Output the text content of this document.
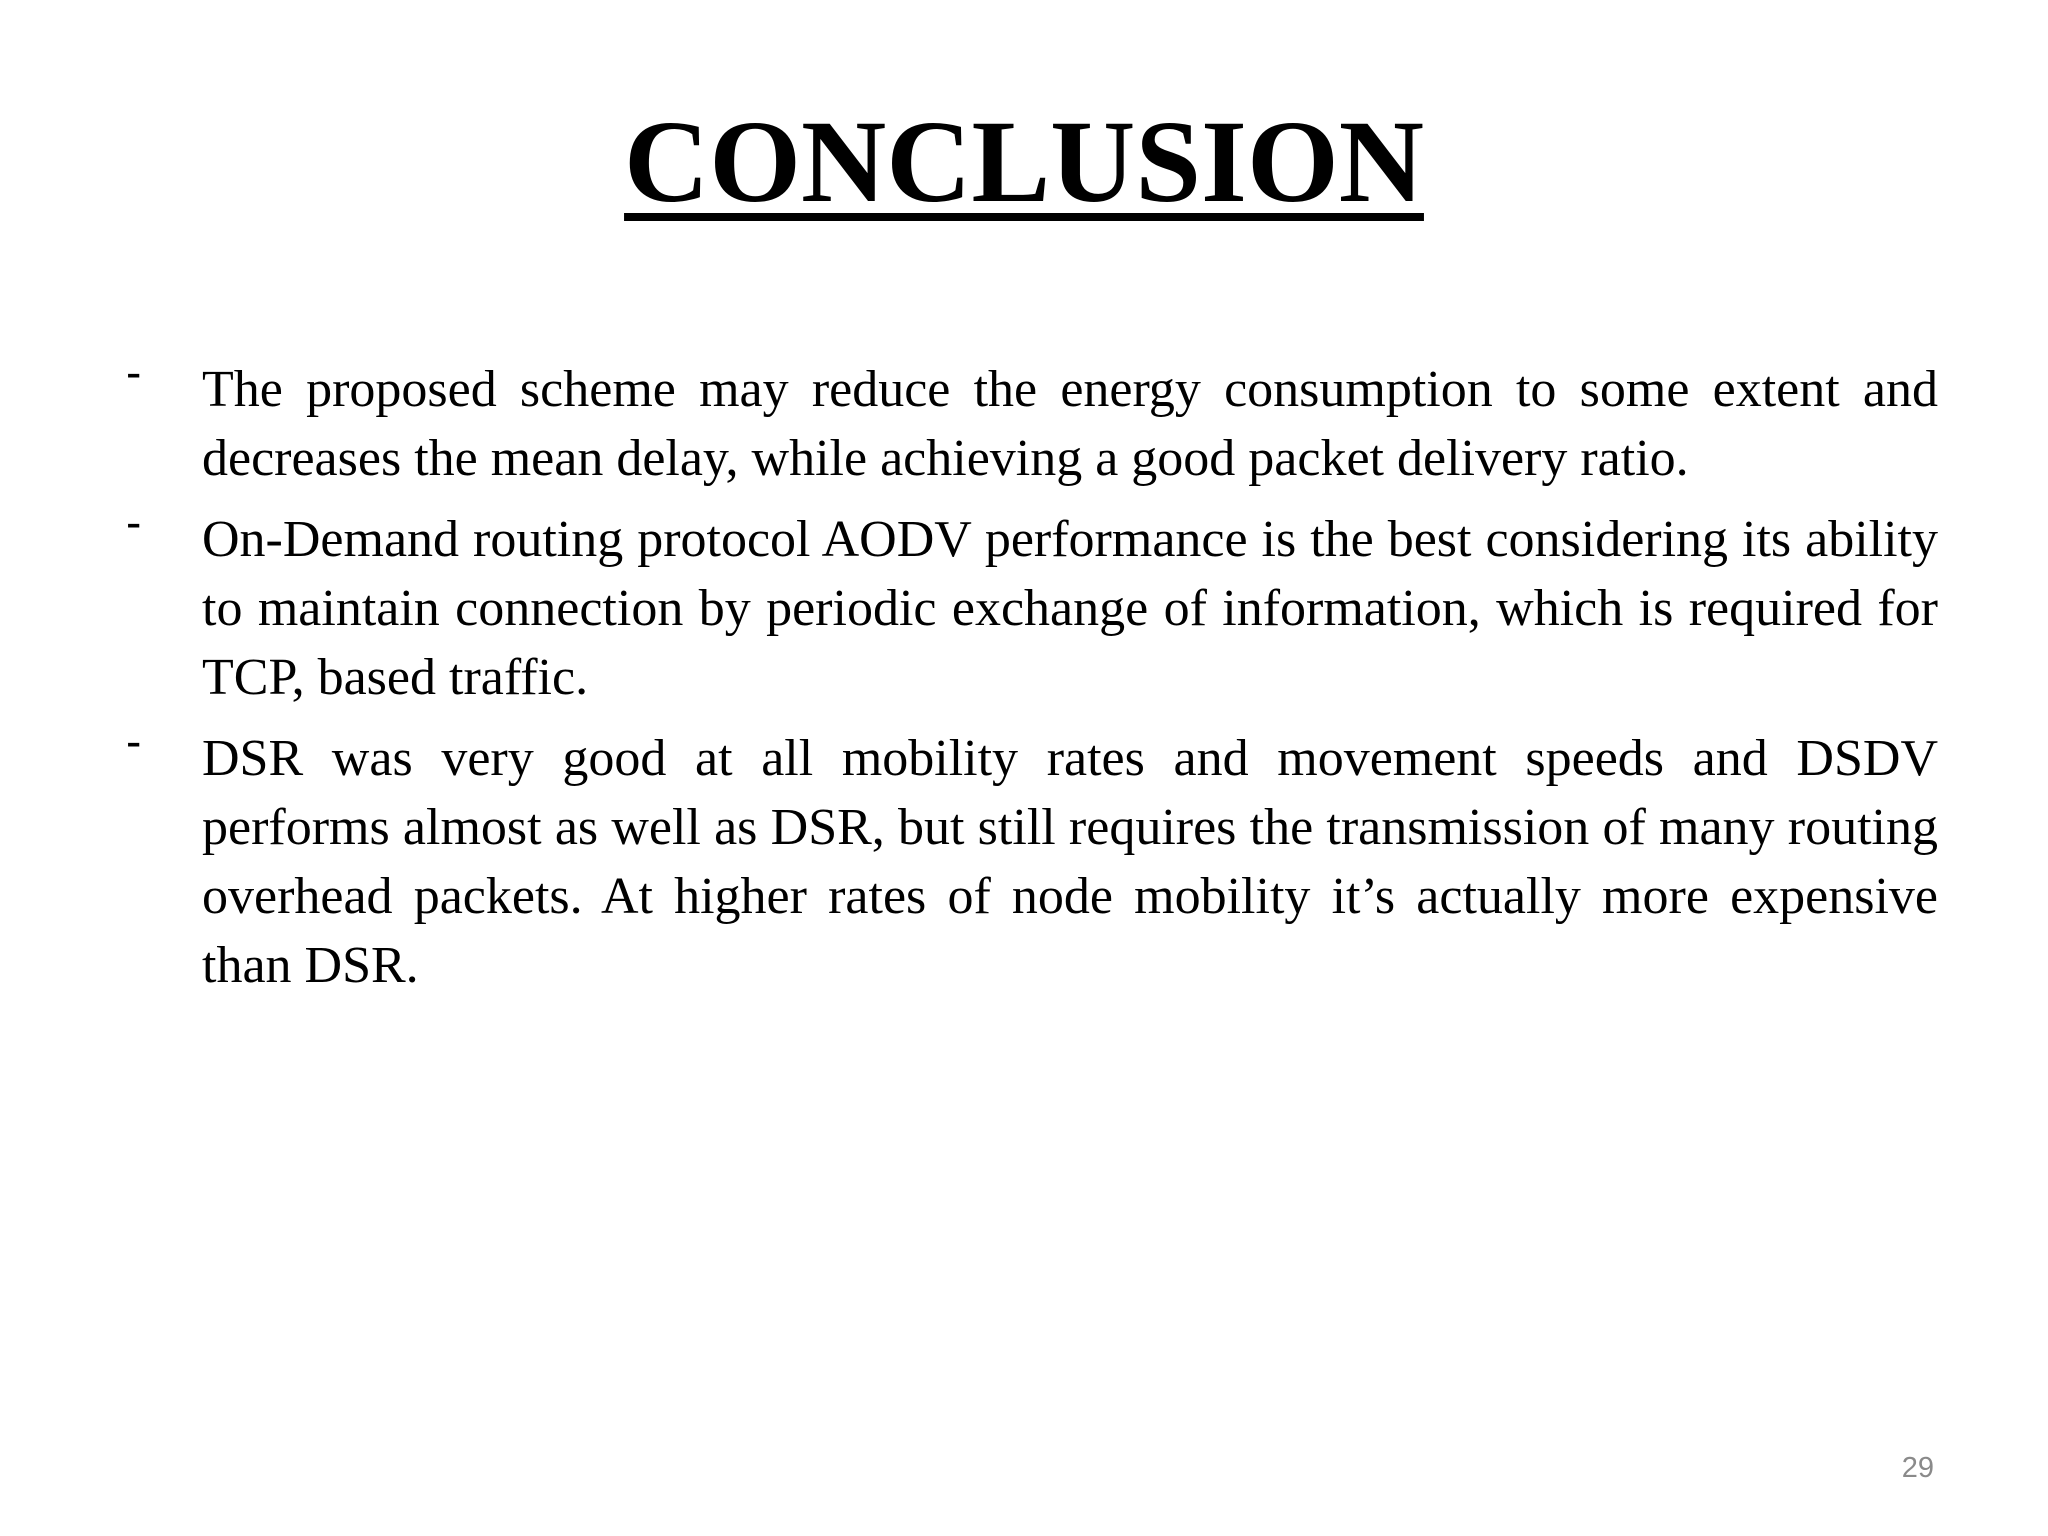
CONCLUSION
- The proposed scheme may reduce the energy consumption to some extent and decreases the mean delay, while achieving a good packet delivery ratio.
- On-Demand routing protocol AODV performance is the best considering its ability to maintain connection by periodic exchange of information, which is required for TCP, based traffic.
- DSR was very good at all mobility rates and movement speeds and DSDV performs almost as well as DSR, but still requires the transmission of many routing overhead packets. At higher rates of node mobility it’s actually more expensive than DSR.
29
